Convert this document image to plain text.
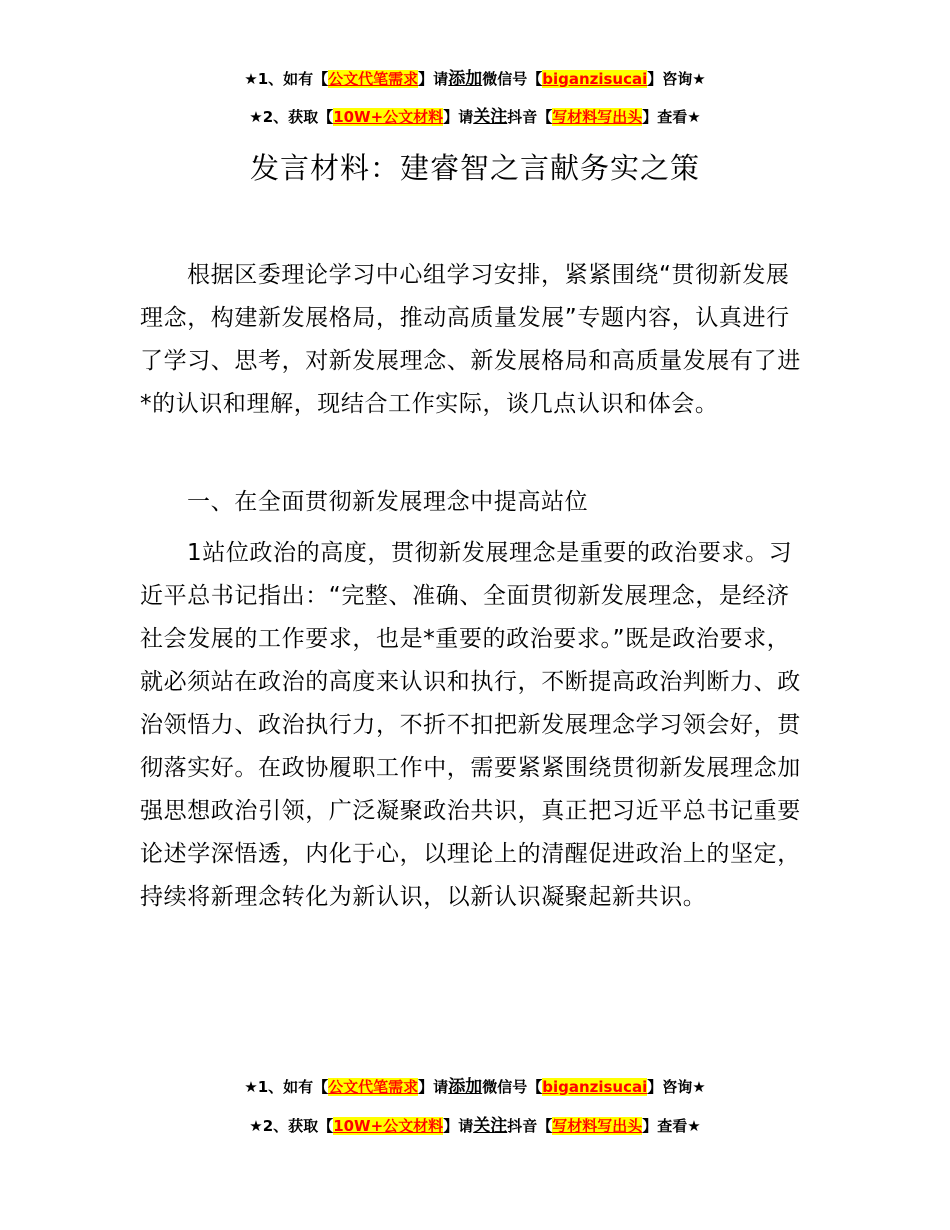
★1、如有【公文代笔需求】请添加微信号【biganzisucai】咨询★
★2、获取【10W+公文材料】请关注抖音【写材料写出头】查看★
发言材料：建睿智之言献务实之策

根据区委理论学习中心组学习安排，紧紧围绕“贯彻新发展理念，构建新发展格局，推动高质量发展”专题内容，认真进行了学习、思考，对新发展理念、新发展格局和高质量发展有了进*的认识和理解，现结合工作实际，谈几点认识和体会。

一、在全面贯彻新发展理念中提高站位

1站位政治的高度，贯彻新发展理念是重要的政治要求。习近平总书记指出：“完整、准确、全面贯彻新发展理念，是经济社会发展的工作要求，也是*重要的政治要求。”既是政治要求，就必须站在政治的高度来认识和执行，不断提高政治判断力、政治领悟力、政治执行力，不折不扣把新发展理念学习领会好，贯彻落实好。在政协履职工作中，需要紧紧围绕贯彻新发展理念加强思想政治引领，广泛凝聚政治共识，真正把习近平总书记重要论述学深悟透，内化于心，以理论上的清醒促进政治上的坚定，持续将新理念转化为新认识，以新认识凝聚起新共识。

★1、如有【公文代笔需求】请添加微信号【biganzisucai】咨询★
★2、获取【10W+公文材料】请关注抖音【写材料写出头】查看★
